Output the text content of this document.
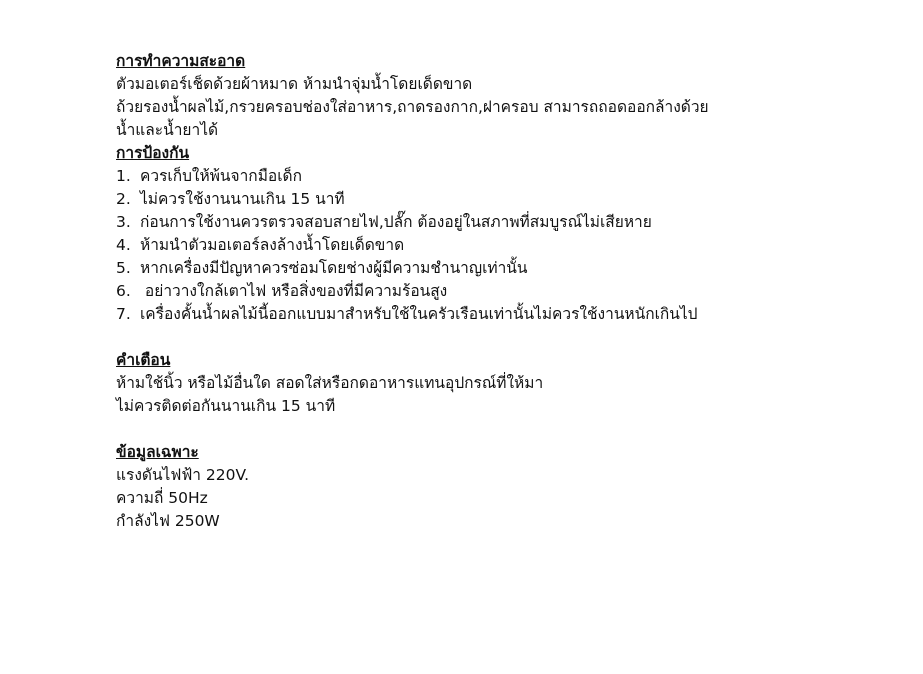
การทำความสะอาด
ตัวมอเตอร์เช็ดด้วยผ้าหมาด ห้ามนำจุ่มน้ำโดยเด็ดขาด
ถ้วยรองน้ำผลไม้,กรวยครอบช่องใส่อาหาร,ถาดรองกาก,ฝาครอบ สามารถถอดออกล้างด้วย
น้ำและน้ำยาได้
การป้องกัน
1. ควรเก็บให้พ้นจากมือเด็ก
2. ไม่ควรใช้งานนานเกิน 15 นาที
3. ก่อนการใช้งานควรตรวจสอบสายไฟ,ปลั๊ก ต้องอยู่ในสภาพที่สมบูรณ์ไม่เสียหาย
4. ห้ามนำตัวมอเตอร์ลงล้างน้ำโดยเด็ดขาด
5. หากเครื่องมีปัญหาควรซ่อมโดยช่างผู้มีความชำนาญเท่านั้น
6. อย่าวางใกล้เตาไฟ หรือสิ่งของที่มีความร้อนสูง
7. เครื่องคั้นน้ำผลไม้นี้ออกแบบมาสำหรับใช้ในครัวเรือนเท่านั้นไม่ควรใช้งานหนักเกินไป
คำเตือน
ห้ามใช้นิ้ว หรือไม้อื่นใด สอดใส่หรือกดอาหารแทนอุปกรณ์ที่ให้มา
ไม่ควรติดต่อกันนานเกิน 15 นาที
ข้อมูลเฉพาะ
แรงดันไฟฟ้า 220V.
ความถี่ 50Hz
กำลังไฟ 250W
